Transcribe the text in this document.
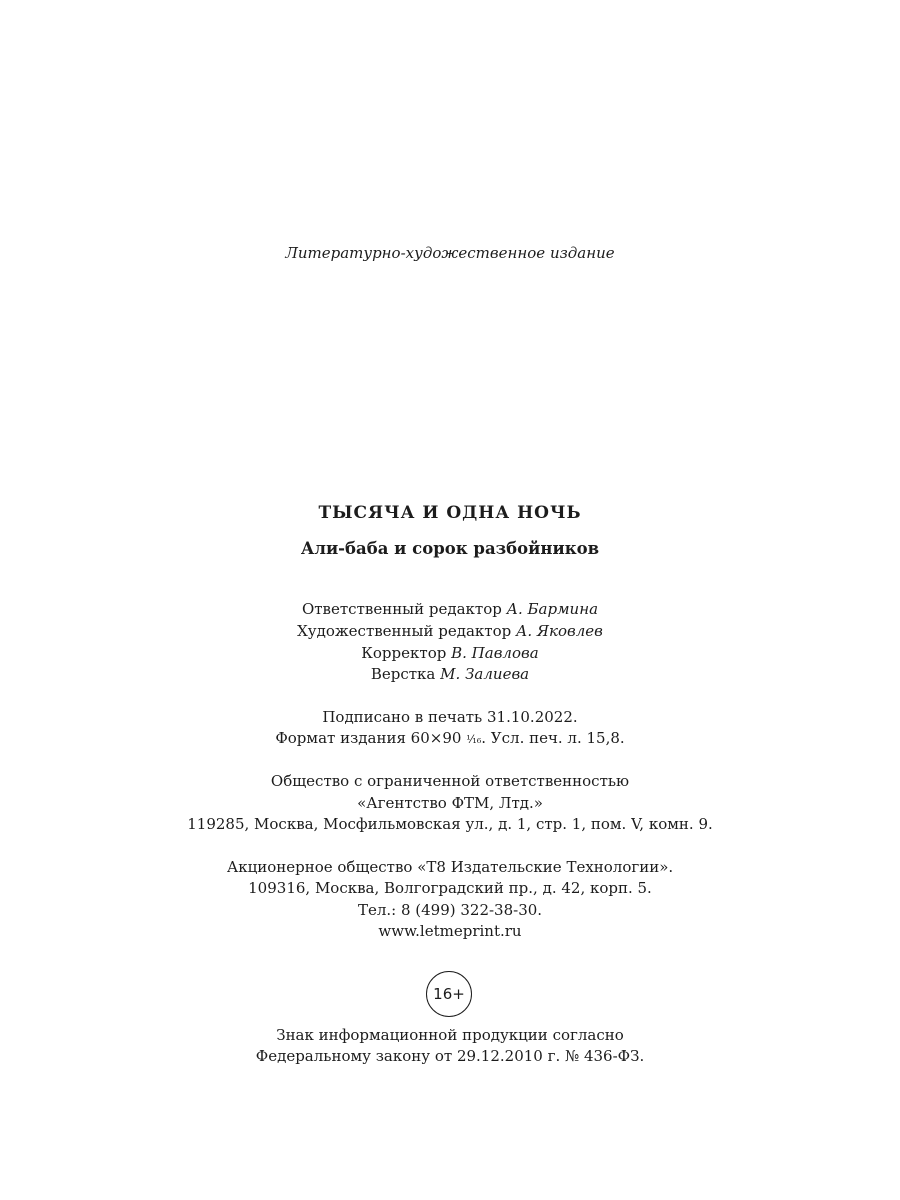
Литературно-художественное издание
ТЫСЯЧА И ОДНА НОЧЬ
Али-баба и сорок разбойников
Ответственный редактор А. Бармина
Художественный редактор А. Яковлев
Корректор В. Павлова
Верстка М. Залиева
Подписано в печать 31.10.2022.
Формат издания 60×90 ¹⁄₁₆. Усл. печ. л. 15,8.
Общество с ограниченной ответственностью
«Агентство ФТМ, Лтд.»
119285, Москва, Мосфильмовская ул., д. 1, стр. 1, пом. V, комн. 9.
Акционерное общество «Т8 Издательские Технологии».
109316, Москва, Волгоградский пр., д. 42, корп. 5.
Тел.: 8 (499) 322-38-30.
www.letmeprint.ru
16+
Знак информационной продукции согласно
Федеральному закону от 29.12.2010 г. № 436-ФЗ.
